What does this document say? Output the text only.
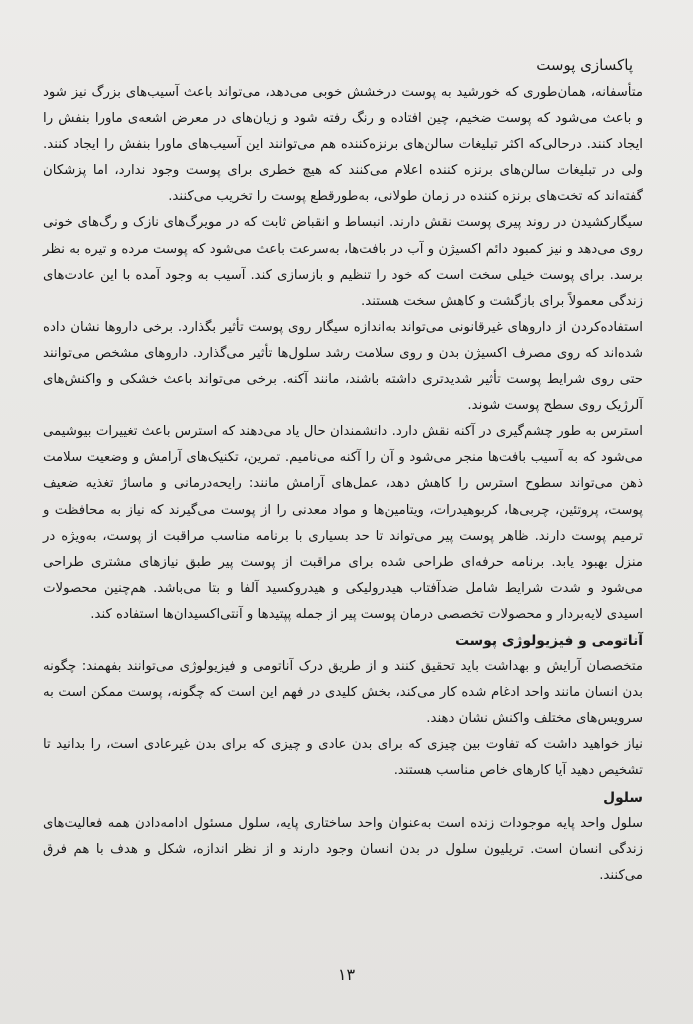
پاکسازی پوست

متأسفانه، همان‌طوری که خورشید به پوست درخشش خوبی می‌دهد، می‌تواند باعث آسیب‌های بزرگ نیز شود و باعث می‌شود که پوست ضخیم، چین افتاده و رنگ رفته شود و زیان‌های در معرض اشعه‌ی ماورا بنفش را ایجاد کنند. درحالی‌که اکثر تبلیغات سالن‌های برنزه‌کننده هم می‌توانند این آسیب‌های ماورا بنفش را ایجاد کنند. ولی در تبلیغات سالن‌های برنزه کننده اعلام می‌کنند که هیچ خطری برای پوست وجود ندارد، اما پزشکان گفته‌اند که تخت‌های برنزه کننده در زمان طولانی، به‌طورقطع پوست را تخریب می‌کنند.

سیگارکشیدن در روند پیری پوست نقش دارند. انبساط و انقباض ثابت که در مویرگ‌های نازک و رگ‌های خونی روی می‌دهد و نیز کمبود دائم اکسیژن و آب در بافت‌ها، به‌سرعت باعث می‌شود که پوست مرده و تیره به نظر برسد. برای پوست خیلی سخت است که خود را تنظیم و بازسازی کند. آسیب به وجود آمده با این عادت‌های زندگی معمولاً برای بازگشت و کاهش سخت هستند.

استفاده‌کردن از داروهای غیرقانونی می‌تواند به‌اندازه سیگار روی پوست تأثیر بگذارد. برخی داروها نشان داده شده‌اند که روی مصرف اکسیژن بدن و روی سلامت رشد سلول‌ها تأثیر می‌گذارد. داروهای مشخص می‌توانند حتی روی شرایط پوست تأثیر شدیدتری داشته باشند، مانند آکنه. برخی می‌تواند باعث خشکی و واکنش‌های آلرژیک روی سطح پوست شوند.

استرس به طور چشم‌گیری در آکنه نقش دارد. دانشمندان حال یاد می‌دهند که استرس باعث تغییرات بیوشیمی می‌شود که به آسیب بافت‌ها منجر می‌شود و آن را آکنه می‌نامیم. تمرین، تکنیک‌های آرامش و وضعیت سلامت ذهن می‌تواند سطوح استرس را کاهش دهد، عمل‌های آرامش مانند: رایحه‌درمانی و ماساژ تغذیه ضعیف پوست، پروتئین، چربی‌ها، کربوهیدرات، ویتامین‌ها و مواد معدنی را از پوست می‌گیرند که نیاز به محافظت و ترمیم پوست دارند. ظاهر پوست پیر می‌تواند تا حد بسیاری با برنامه مناسب مراقبت از پوست، به‌ویژه در منزل بهبود یابد. برنامه حرفه‌ای طراحی شده برای مراقبت از پوست پیر طبق نیازهای مشتری طراحی می‌شود و شدت شرایط شامل ضدآفتاب هیدرولیکی و هیدروکسید آلفا و بتا می‌باشد. هم‌چنین محصولات اسیدی لایه‌بردار و محصولات تخصصی درمان پوست پیر از جمله پپتیدها و آنتی‌اکسیدان‌ها استفاده کند.

آناتومی و فیزیولوژی پوست

متخصصان آرایش و بهداشت باید تحقیق کنند و از طریق درک آناتومی و فیزیولوژی می‌توانند بفهمند: چگونه بدن انسان مانند واحد ادغام شده کار می‌کند، بخش کلیدی در فهم این است که چگونه، پوست ممکن است به سرویس‌های مختلف واکنش نشان دهند.

نیاز خواهید داشت که تفاوت بین چیزی که برای بدن عادی و چیزی که برای بدن غیرعادی است، را بدانید تا تشخیص دهید آیا کارهای خاص مناسب هستند.

سلول

سلول واحد پایه موجودات زنده است به‌عنوان واحد ساختاری پایه، سلول مسئول ادامه‌دادن همه فعالیت‌های زندگی انسان است. تریلیون سلول در بدن انسان وجود دارند و از نظر اندازه، شکل و هدف با هم فرق می‌کنند.

۱۳
